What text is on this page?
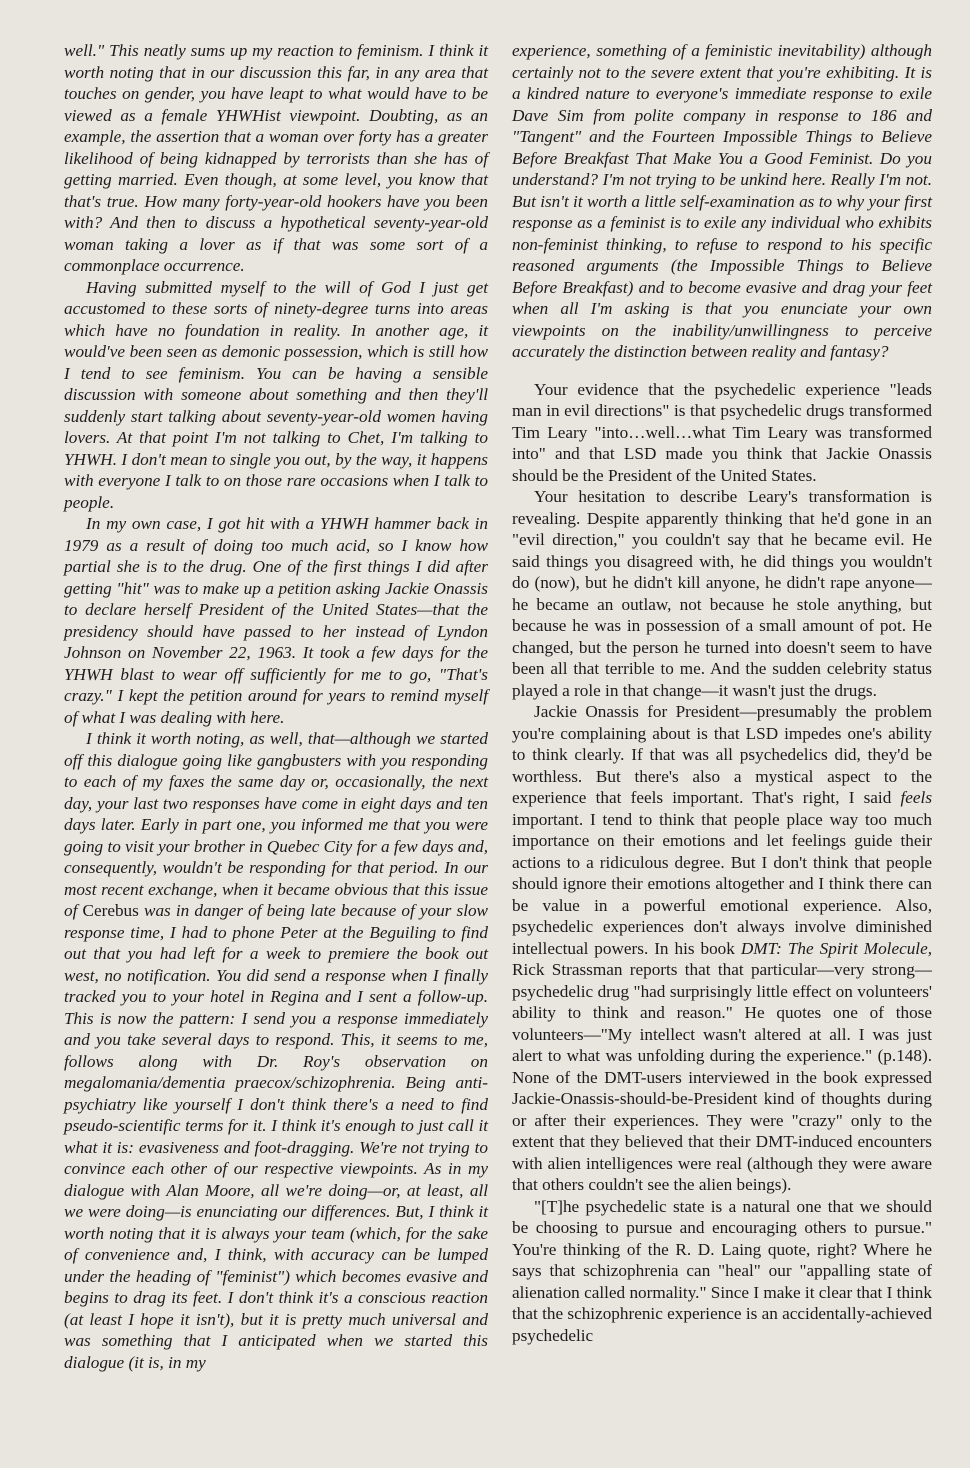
well." This neatly sums up my reaction to feminism. I think it worth noting that in our discussion this far, in any area that touches on gender, you have leapt to what would have to be viewed as a female YHWHist viewpoint. Doubting, as an example, the assertion that a woman over forty has a greater likelihood of being kidnapped by terrorists than she has of getting married. Even though, at some level, you know that that's true. How many forty-year-old hookers have you been with? And then to discuss a hypothetical seventy-year-old woman taking a lover as if that was some sort of a commonplace occurrence.

Having submitted myself to the will of God I just get accustomed to these sorts of ninety-degree turns into areas which have no foundation in reality. In another age, it would've been seen as demonic possession, which is still how I tend to see feminism. You can be having a sensible discussion with someone about something and then they'll suddenly start talking about seventy-year-old women having lovers. At that point I'm not talking to Chet, I'm talking to YHWH. I don't mean to single you out, by the way, it happens with everyone I talk to on those rare occasions when I talk to people.

In my own case, I got hit with a YHWH hammer back in 1979 as a result of doing too much acid, so I know how partial she is to the drug. One of the first things I did after getting "hit" was to make up a petition asking Jackie Onassis to declare herself President of the United States—that the presidency should have passed to her instead of Lyndon Johnson on November 22, 1963. It took a few days for the YHWH blast to wear off sufficiently for me to go, "That's crazy." I kept the petition around for years to remind myself of what I was dealing with here.

I think it worth noting, as well, that—although we started off this dialogue going like gangbusters with you responding to each of my faxes the same day or, occasionally, the next day, your last two responses have come in eight days and ten days later. Early in part one, you informed me that you were going to visit your brother in Quebec City for a few days and, consequently, wouldn't be responding for that period. In our most recent exchange, when it became obvious that this issue of Cerebus was in danger of being late because of your slow response time, I had to phone Peter at the Beguiling to find out that you had left for a week to premiere the book out west, no notification. You did send a response when I finally tracked you to your hotel in Regina and I sent a follow-up. This is now the pattern: I send you a response immediately and you take several days to respond. This, it seems to me, follows along with Dr. Roy's observation on megalomania/dementia praecox/schizophrenia. Being anti-psychiatry like yourself I don't think there's a need to find pseudo-scientific terms for it. I think it's enough to just call it what it is: evasiveness and foot-dragging. We're not trying to convince each other of our respective viewpoints. As in my dialogue with Alan Moore, all we're doing—or, at least, all we were doing—is enunciating our differences. But, I think it worth noting that it is always your team (which, for the sake of convenience and, I think, with accuracy can be lumped under the heading of "feminist") which becomes evasive and begins to drag its feet. I don't think it's a conscious reaction (at least I hope it isn't), but it is pretty much universal and was something that I anticipated when we started this dialogue (it is, in my

experience, something of a feministic inevitability) although certainly not to the severe extent that you're exhibiting. It is a kindred nature to everyone's immediate response to exile Dave Sim from polite company in response to 186 and "Tangent" and the Fourteen Impossible Things to Believe Before Breakfast That Make You a Good Feminist. Do you understand? I'm not trying to be unkind here. Really I'm not. But isn't it worth a little self-examination as to why your first response as a feminist is to exile any individual who exhibits non-feminist thinking, to refuse to respond to his specific reasoned arguments (the Impossible Things to Believe Before Breakfast) and to become evasive and drag your feet when all I'm asking is that you enunciate your own viewpoints on the inability/unwillingness to perceive accurately the distinction between reality and fantasy?

Your evidence that the psychedelic experience "leads man in evil directions" is that psychedelic drugs transformed Tim Leary "into…well…what Tim Leary was transformed into" and that LSD made you think that Jackie Onassis should be the President of the United States.

Your hesitation to describe Leary's transformation is revealing. Despite apparently thinking that he'd gone in an "evil direction," you couldn't say that he became evil. He said things you disagreed with, he did things you wouldn't do (now), but he didn't kill anyone, he didn't rape anyone—he became an outlaw, not because he stole anything, but because he was in possession of a small amount of pot. He changed, but the person he turned into doesn't seem to have been all that terrible to me. And the sudden celebrity status played a role in that change—it wasn't just the drugs.

Jackie Onassis for President—presumably the problem you're complaining about is that LSD impedes one's ability to think clearly. If that was all psychedelics did, they'd be worthless. But there's also a mystical aspect to the experience that feels important. That's right, I said feels important. I tend to think that people place way too much importance on their emotions and let feelings guide their actions to a ridiculous degree. But I don't think that people should ignore their emotions altogether and I think there can be value in a powerful emotional experience. Also, psychedelic experiences don't always involve diminished intellectual powers. In his book DMT: The Spirit Molecule, Rick Strassman reports that that particular—very strong—psychedelic drug "had surprisingly little effect on volunteers' ability to think and reason." He quotes one of those volunteers—"My intellect wasn't altered at all. I was just alert to what was unfolding during the experience." (p.148). None of the DMT-users interviewed in the book expressed Jackie-Onassis-should-be-President kind of thoughts during or after their experiences. They were "crazy" only to the extent that they believed that their DMT-induced encounters with alien intelligences were real (although they were aware that others couldn't see the alien beings).

"[T]he psychedelic state is a natural one that we should be choosing to pursue and encouraging others to pursue." You're thinking of the R. D. Laing quote, right? Where he says that schizophrenia can "heal" our "appalling state of alienation called normality." Since I make it clear that I think that the schizophrenic experience is an accidentally-achieved psychedelic
